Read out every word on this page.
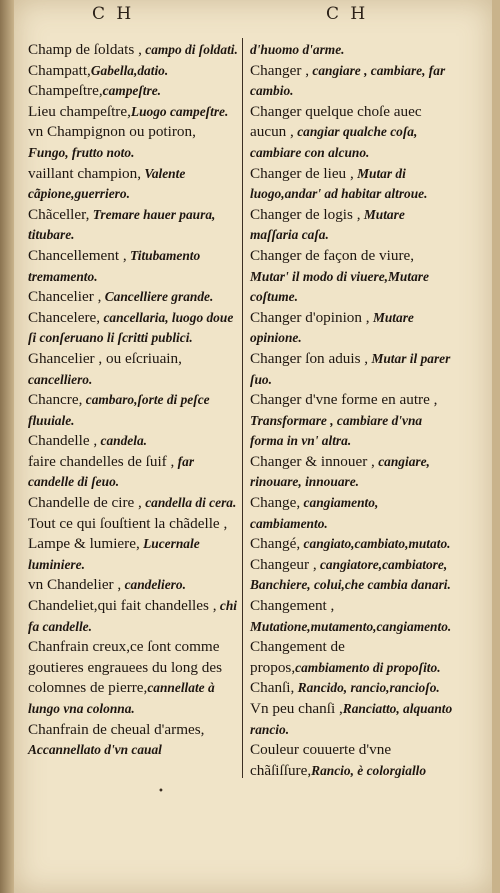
C H	C H

Champ de ſoldats , campo di ſoldati.

Champatt,Gabella,datio.

Champeſtre,campeſtre.

Lieu champeſtre,Luogo campeſtre.

vn Champignon ou potiron, Fungo, frutto noto.

vaillant champion, Valente cãpione,guerriero.

Chãceller, Tremare hauer paura, titubare.

Chancellement , Titubamento tremamento.

Chancelier , Cancelliere grande.

Chancelere, cancellaria, luogo doue ſi conſeruano li ſcritti publici.

Ghancelier , ou eſcriuain, cancelliero.

Chancre, cambaro,ſorte di peſce fluuiale.

Chandelle , candela.

faire chandelles de ſuif , far candelle di ſeuo.

Chandelle de cire , candella di cera.

Tout ce qui ſouſtient la chãdelle , Lampe & lumiere, Lucernale luminiere.

vn Chandelier , candeliero.

Chandeliet,qui fait chandelles , chi fa candelle.

Chanfrain creux,ce ſont comme goutieres engrauees du long des colomnes de pierre,cannellate à lungo vna colonna.

Chanfrain de cheual d'armes, Accannellato d'vn caual

d'huomo d'arme.

Changer , cangiare , cambiare, far cambio.

Changer quelque choſe auec aucun , cangiar qualche coſa, cambiare con alcuno.

Changer de lieu , Mutar di luogo,andar' ad habitar altroue.

Changer de logis , Mutare maſſaria caſa.

Changer de façon de viure, Mutar' il modo di viuere,Mutare coſtume.

Changer d'opinion , Mutare opinione.

Changer ſon aduis , Mutar il parer ſuo.

Changer d'vne forme en autre , Transformare , cambiare d'vna forma in vn' altra.

Changer & innouer , cangiare, rinouare, innouare.

Change, cangiamento, cambiamento.

Changé, cangiato,cambiato,mutato.

Changeur , cangiatore,cambiatore, Banchiere, colui,che cambia danari.

Changement , Mutatione,mutamento,cangiamento.

Changement de propos,cambiamento di propoſito.

Chanſi, Rancido, rancio,rancioſo.

Vn peu chanſi ,Ranciatto, alquanto rancio.

Couleur couuerte d'vne chãſiſſure,Rancio, è colorgiallo

•
